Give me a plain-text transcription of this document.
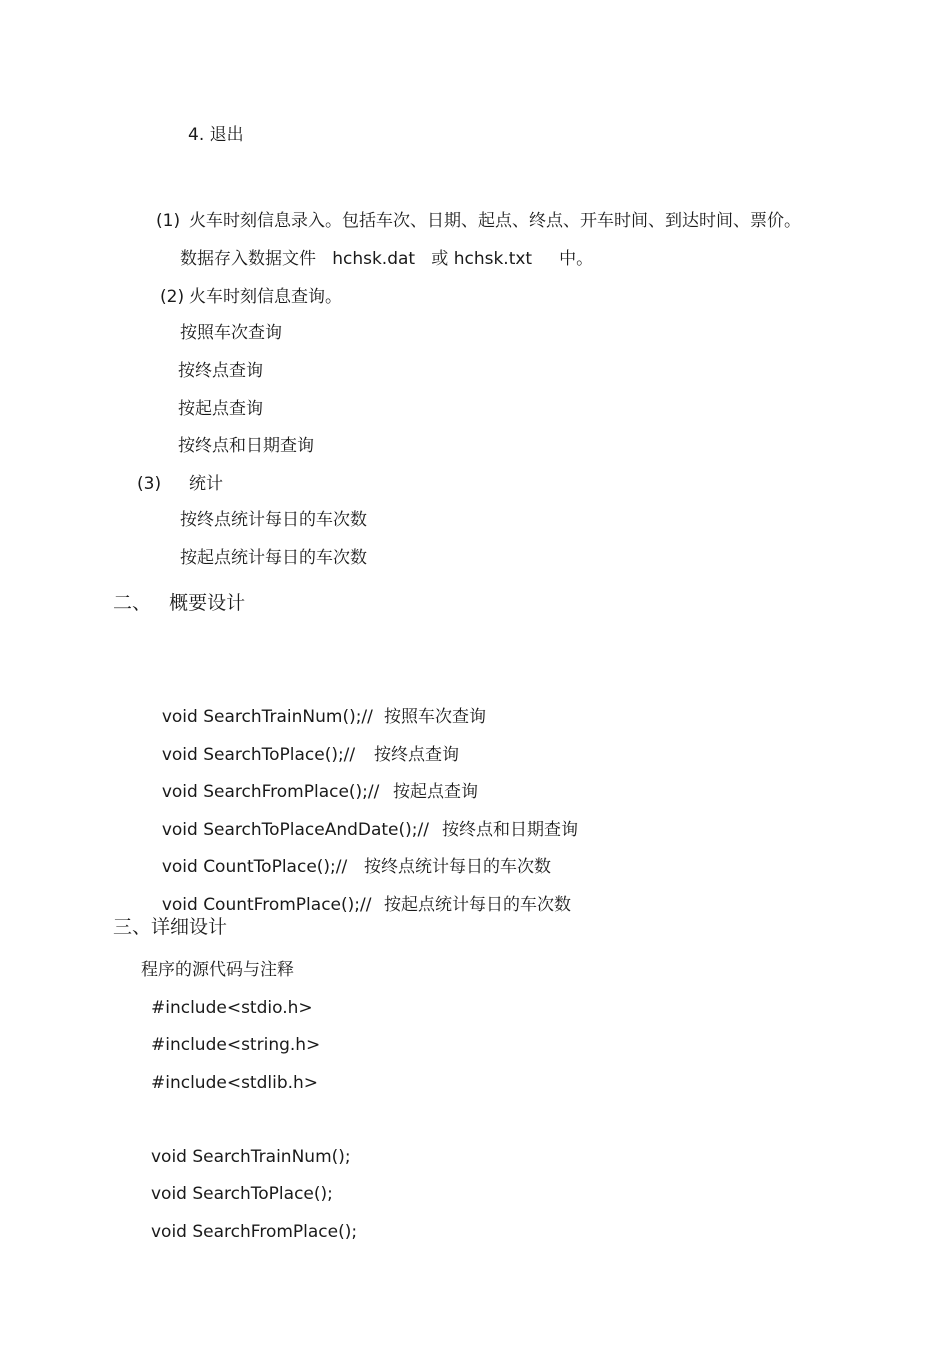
4. 退出
(1) 火车时刻信息录入。包括车次、日期、起点、终点、开车时间、到达时间、票价。
数据存入数据文件   hchsk.dat   或 hchsk.txt     中。
(2) 火车时刻信息查询。
按照车次查询
按终点查询
按起点查询
按终点和日期查询
(3) 统计
按终点统计每日的车次数
按起点统计每日的车次数
二、   概要设计

void SearchTrainNum();// 按照车次查询

void SearchToPlace();// 按终点查询

void SearchFromPlace();// 按起点查询

void SearchToPlaceAndDate();// 按终点和日期查询

void CountToPlace();// 按终点统计每日的车次数

void CountFromPlace();// 按起点统计每日的车次数

三、详细设计
程序的源代码与注释
#include<stdio.h>
#include<string.h>
#include<stdlib.h>
void SearchTrainNum();
void SearchToPlace();
void SearchFromPlace();
